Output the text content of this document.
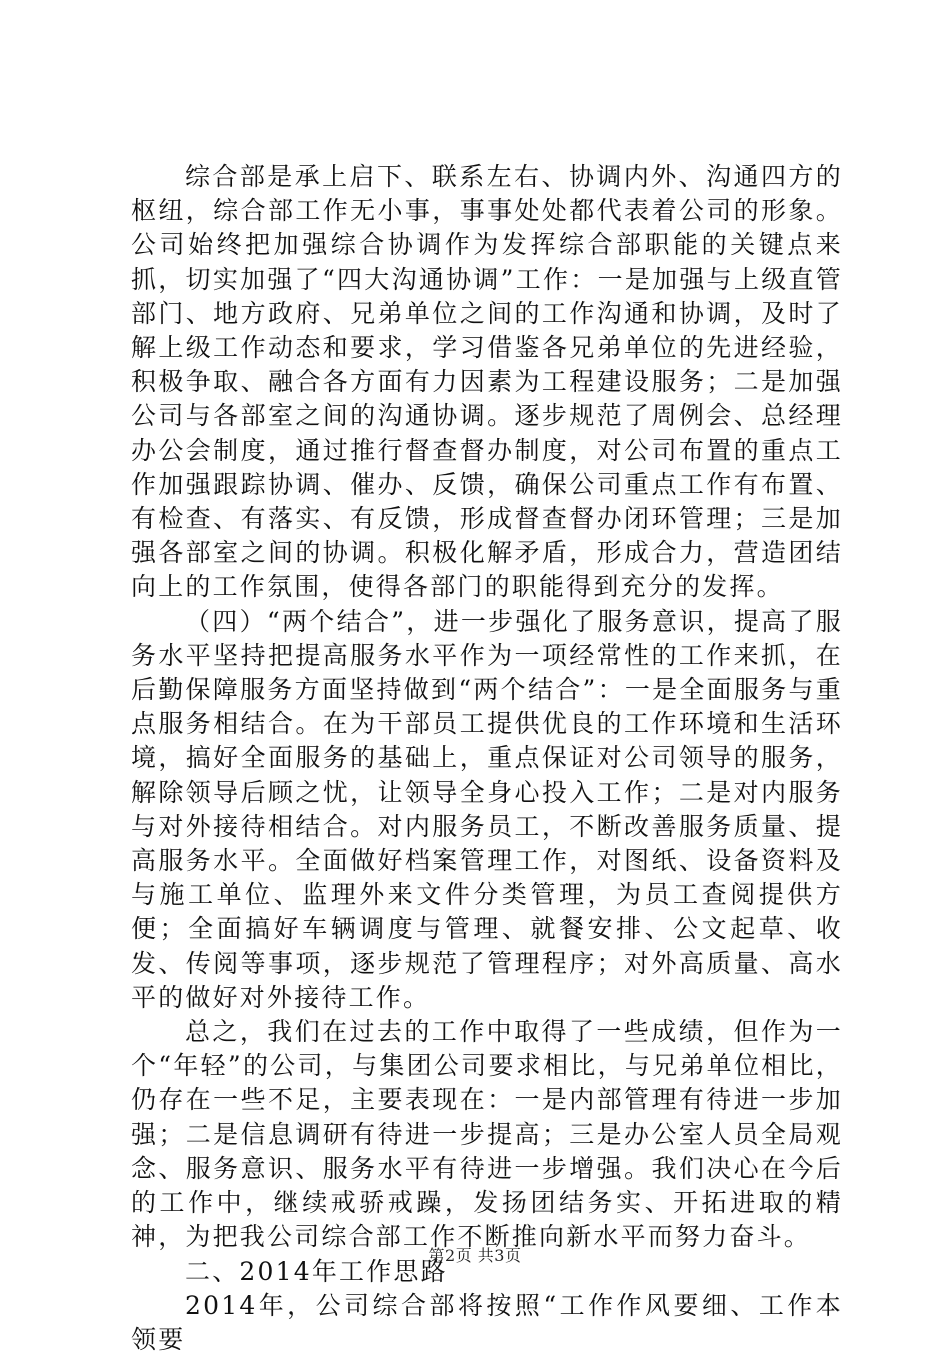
综合部是承上启下、联系左右、协调内外、沟通四方的枢纽，综合部工作无小事，事事处处都代表着公司的形象。公司始终把加强综合协调作为发挥综合部职能的关键点来抓，切实加强了“四大沟通协调”工作：一是加强与上级直管部门、地方政府、兄弟单位之间的工作沟通和协调，及时了解上级工作动态和要求，学习借鉴各兄弟单位的先进经验，积极争取、融合各方面有力因素为工程建设服务；二是加强公司与各部室之间的沟通协调。逐步规范了周例会、总经理办公会制度，通过推行督查督办制度，对公司布置的重点工作加强跟踪协调、催办、反馈，确保公司重点工作有布置、有检查、有落实、有反馈，形成督查督办闭环管理；三是加强各部室之间的协调。积极化解矛盾，形成合力，营造团结向上的工作氛围，使得各部门的职能得到充分的发挥。

（四）“两个结合”，进一步强化了服务意识，提高了服务水平坚持把提高服务水平作为一项经常性的工作来抓，在后勤保障服务方面坚持做到“两个结合”：一是全面服务与重点服务相结合。在为干部员工提供优良的工作环境和生活环境，搞好全面服务的基础上，重点保证对公司领导的服务，解除领导后顾之忧，让领导全身心投入工作；二是对内服务与对外接待相结合。对内服务员工，不断改善服务质量、提高服务水平。全面做好档案管理工作，对图纸、设备资料及与施工单位、监理外来文件分类管理，为员工查阅提供方便；全面搞好车辆调度与管理、就餐安排、公文起草、收发、传阅等事项，逐步规范了管理程序；对外高质量、高水平的做好对外接待工作。

总之，我们在过去的工作中取得了一些成绩，但作为一个“年轻”的公司，与集团公司要求相比，与兄弟单位相比，仍存在一些不足，主要表现在：一是内部管理有待进一步加强；二是信息调研有待进一步提高；三是办公室人员全局观念、服务意识、服务水平有待进一步增强。我们决心在今后的工作中，继续戒骄戒躁，发扬团结务实、开拓进取的精神，为把我公司综合部工作不断推向新水平而努力奋斗。

二、2014年工作思路

2014年，公司综合部将按照“工作作风要细、工作本领要

第2页 共3页
